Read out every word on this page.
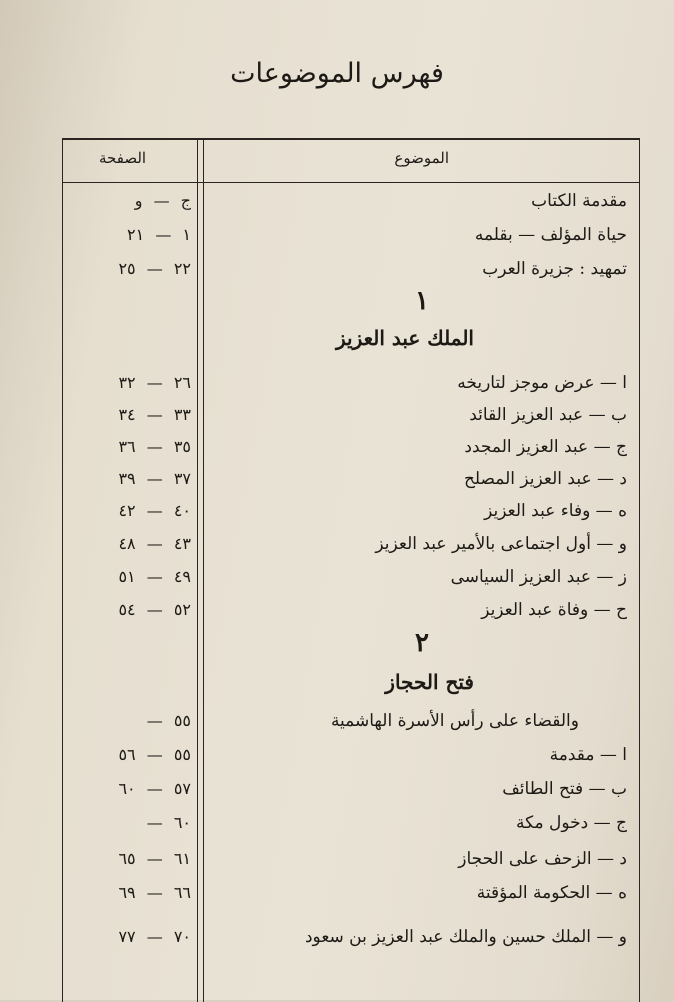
فهرس الموضوعات
الموضوع
الصفحة
مقدمة الكتاب
ج — و
حياة المؤلف — بقلمه
١ — ٢١
تمهيد : جزيرة العرب
٢٢ — ٢٥
١
الملك عبد العزيز
ا — عرض موجز لتاريخه
٢٦ — ٣٢
ب — عبد العزيز القائد
٣٣ — ٣٤
ج — عبد العزيز المجدد
٣٥ — ٣٦
د — عبد العزيز المصلح
٣٧ — ٣٩
ه — وفاء عبد العزيز
٤٠ — ٤٢
و — أول اجتماعى بالأمير عبد العزيز
٤٣ — ٤٨
ز — عبد العزيز السياسى
٤٩ — ٥١
ح — وفاة عبد العزيز
٥٢ — ٥٤
٢
فتح الحجاز
والقضاء على رأس الأسرة الهاشمية
٥٥ —
ا — مقدمة
٥٥ — ٥٦
ب — فتح الطائف
٥٧ — ٦٠
ج — دخول مكة
٦٠ —
د — الزحف على الحجاز
٦١ — ٦٥
ه — الحكومة المؤقتة
٦٦ — ٦٩
و — الملك حسين والملك عبد العزيز بن سعود
٧٠ — ٧٧
